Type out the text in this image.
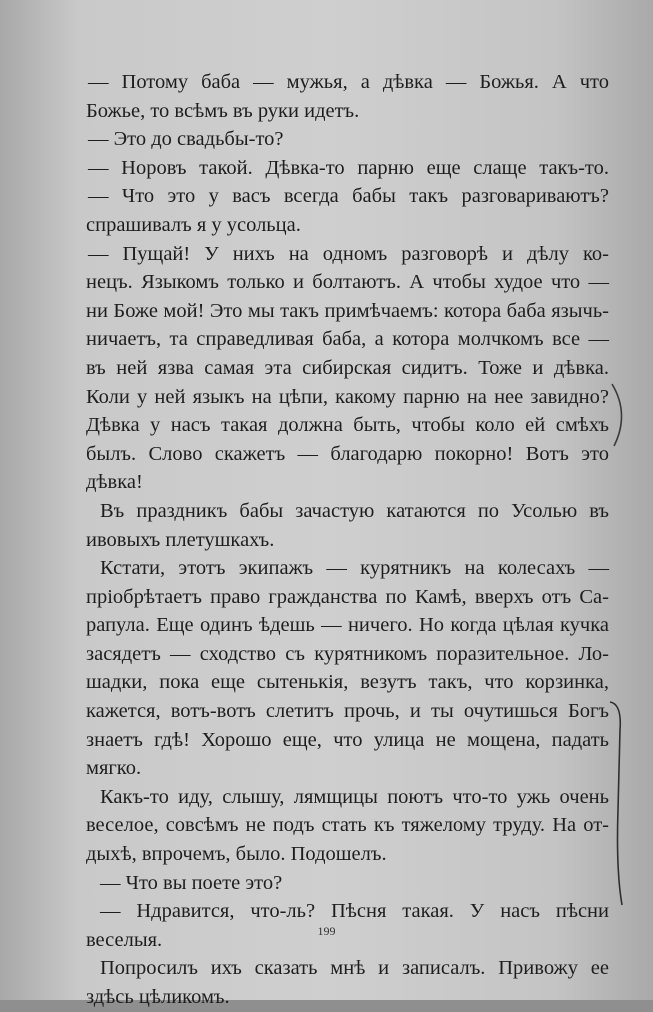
— Потому баба — мужья, а дѣвка — Божья. А что
Божье, то всѣмъ въ руки идетъ.
— Это до свадьбы-то?
— Норовъ такой. Дѣвка-то парню еще слаще такъ-то.
— Что это у васъ всегда бабы такъ разговариваютъ?
спрашивалъ я у усольца.
— Пущай! У нихъ на одномъ разговорѣ и дѣлу ко-
нецъ. Языкомъ только и болтаютъ. А чтобы худое что —
ни Боже мой! Это мы такъ примѣчаемъ: котора баба язычь-
ничаетъ, та справедливая баба, а котора молчкомъ все —
въ ней язва самая эта сибирская сидитъ. Тоже и дѣвка.
Коли у ней языкъ на цѣпи, какому парню на нее завидно?
Дѣвка у насъ такая должна быть, чтобы коло ей смѣхъ
былъ. Слово скажетъ — благодарю покорно! Вотъ это дѣвка!
Въ праздникъ бабы зачастую катаются по Усолью въ
ивовыхъ плетушкахъ.
Кстати, этотъ экипажъ — курятникъ на колесахъ —
пріобрѣтаетъ право гражданства по Камѣ, вверхъ отъ Са-
рапула. Еще одинъ ѣдешь — ничего. Но когда цѣлая кучка
засядетъ — сходство съ курятникомъ поразительное. Ло-
шадки, пока еще сытенькія, везутъ такъ, что корзинка,
кажется, вотъ-вотъ слетитъ прочь, и ты очутишься Богъ
знаетъ гдѣ! Хорошо еще, что улица не мощена, падать
мягко.
Какъ-то иду, слышу, лямщицы поютъ что-то ужь очень
веселое, совсѣмъ не подъ стать къ тяжелому труду. На от-
дыхѣ, впрочемъ, было. Подошелъ.
— Что вы поете это?
— Ндравится, что-ль? Пѣсня такая. У насъ пѣсни
веселыя.
Попросилъ ихъ сказать мнѣ и записалъ. Привожу ее
здѣсь цѣликомъ.
199
